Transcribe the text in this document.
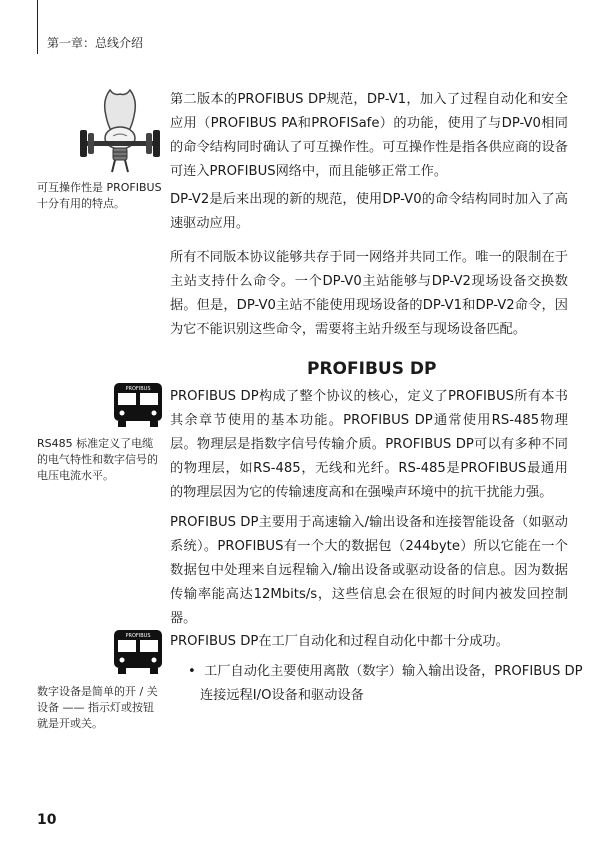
第一章：总线介绍

第二版本的PROFIBUS DP规范，DP-V1，加入了过程自动化和安全应用（PROFIBUS PA和PROFISafe）的功能，使用了与DP-V0相同的命令结构同时确认了可互操作性。可互操作性是指各供应商的设备可连入PROFIBUS网络中，而且能够正常工作。

可互操作性是 PROFIBUS 十分有用的特点。	DP-V2是后来出现的新的规范，使用DP-V0的命令结构同时加入了高速驱动应用。

所有不同版本协议能够共存于同一网络并共同工作。唯一的限制在于主站支持什么命令。一个DP-V0主站能够与DP-V2现场设备交换数据。但是，DP-V0主站不能使用现场设备的DP-V1和DP-V2命令，因为它不能识别这些命令，需要将主站升级至与现场设备匹配。

PROFIBUS DP
PROFIBUS PROFIBUS DP构成了整个协议的核心，定义了PROFIBUS所有本书其余章节使用的基本功能。PROFIBUS DP通常使用RS-485物理层。物理层是指数字信号传输介质。PROFIBUS DP可以有多种不同的物理层，如RS-485，无线和光纤。RS-485是PROFIBUS最通用的物理层因为它的传输速度高和在强噪声环境中的抗干扰能力强。

RS485 标准定义了电缆的电气特性和数字信号的电压电流水平。

PROFIBUS DP主要用于高速输入/输出设备和连接智能设备（如驱动系统）。PROFIBUS有一个大的数据包（244byte）所以它能在一个数据包中处理来自远程输入/输出设备或驱动设备的信息。因为数据传输率能高达12Mbits/s，这些信息会在很短的时间内被发回控制器。

PROFIBUS PROFIBUS DP在工厂自动化和过程自动化中都十分成功。

•  工厂自动化主要使用离散（数字）输入输出设备，PROFIBUS DP连接远程I/O设备和驱动设备

数字设备是简单的开 / 关设备 —— 指示灯或按钮就是开或关。

10
